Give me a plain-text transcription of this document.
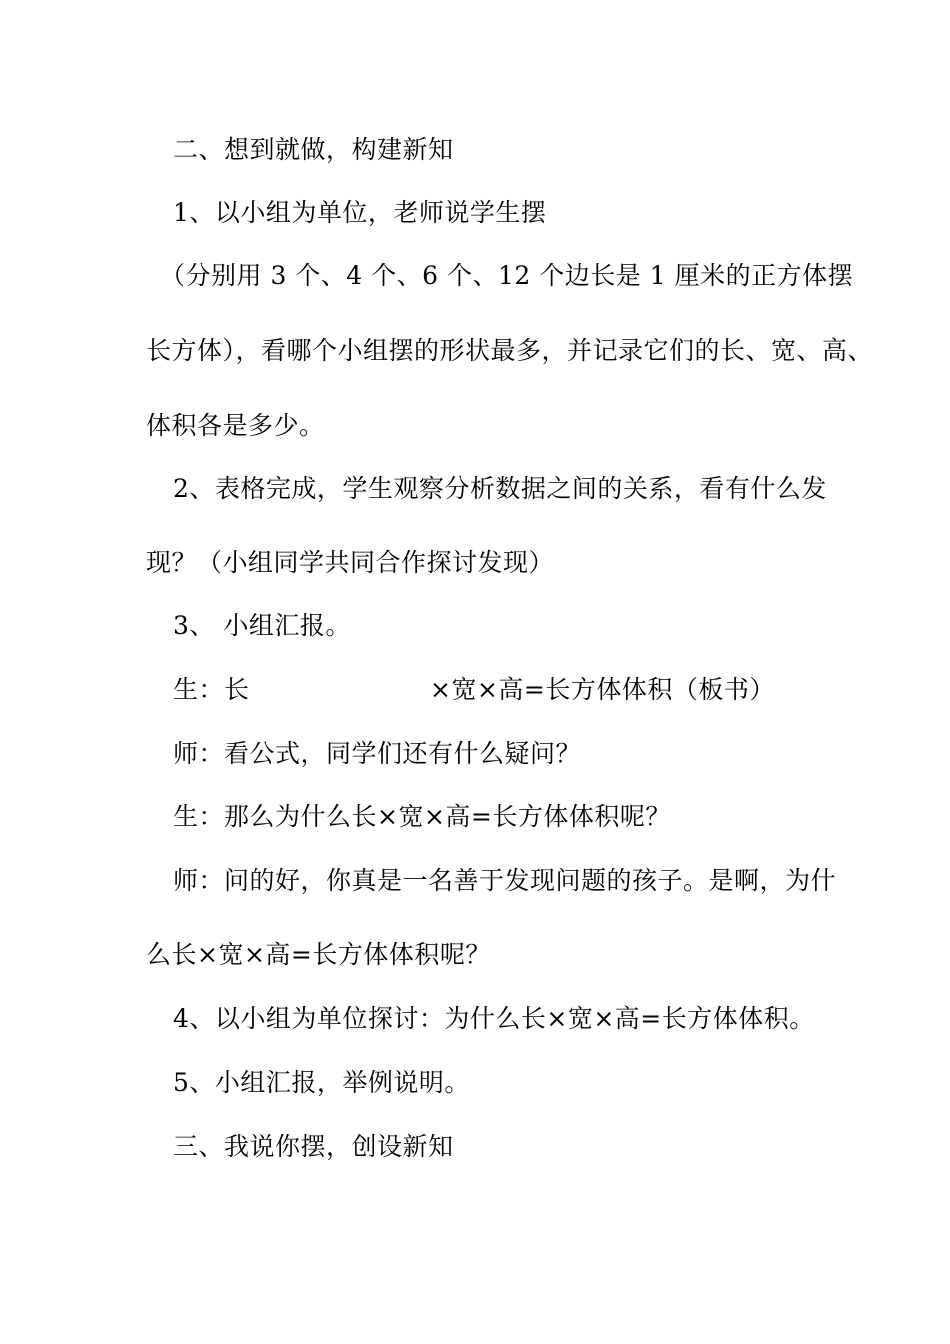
二、想到就做，构建新知
1、以小组为单位，老师说学生摆
（分别用 3 个、4 个、6 个、12 个边长是 1 厘米的正方体摆
长方体），看哪个小组摆的形状最多，并记录它们的长、宽、高、
体积各是多少。
2、表格完成，学生观察分析数据之间的关系，看有什么发
现？（小组同学共同合作探讨发现）
3、 小组汇报。
生：长	×宽×高=长方体体积（板书）
师：看公式，同学们还有什么疑问？
生：那么为什么长×宽×高=长方体体积呢？
师：问的好，你真是一名善于发现问题的孩子。是啊，为什
么长×宽×高=长方体体积呢？
4、以小组为单位探讨：为什么长×宽×高=长方体体积。
5、小组汇报，举例说明。
三、我说你摆，创设新知
